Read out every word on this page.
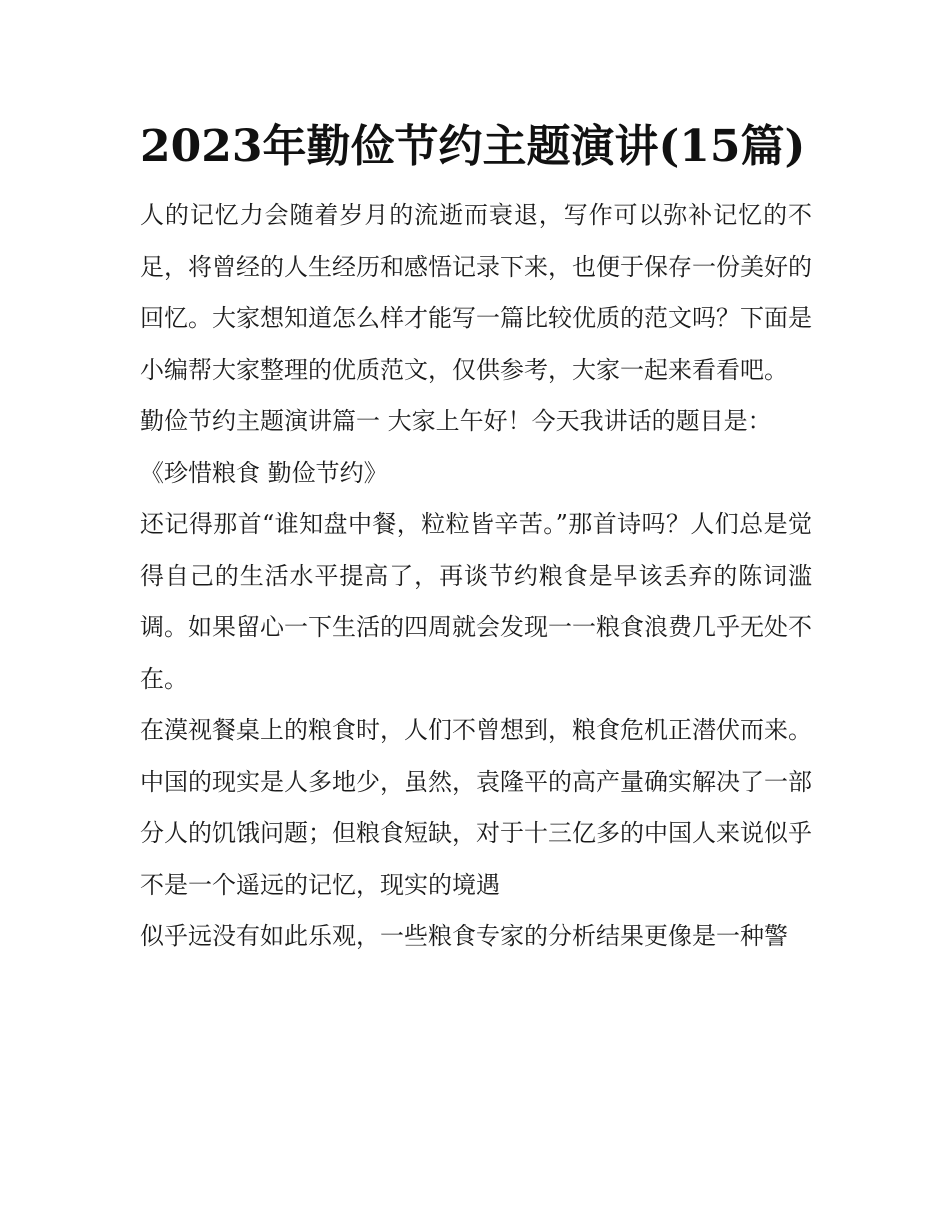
2023年勤俭节约主题演讲(15篇)

人的记忆力会随着岁月的流逝而衰退，写作可以弥补记忆的不足，将曾经的人生经历和感悟记录下来，也便于保存一份美好的回忆。大家想知道怎么样才能写一篇比较优质的范文吗？下面是小编帮大家整理的优质范文，仅供参考，大家一起来看看吧。

勤俭节约主题演讲篇一 大家上午好！今天我讲话的题目是：

《珍惜粮食 勤俭节约》

还记得那首“谁知盘中餐，粒粒皆辛苦。”那首诗吗？人们总是觉得自己的生活水平提高了，再谈节约粮食是早该丢弃的陈词滥调。如果留心一下生活的四周就会发现一一粮食浪费几乎无处不在。

在漠视餐桌上的粮食时，人们不曾想到，粮食危机正潜伏而来。中国的现实是人多地少，虽然，袁隆平的高产量确实解决了一部分人的饥饿问题；但粮食短缺，对于十三亿多的中国人来说似乎不是一个遥远的记忆，现实的境遇

似乎远没有如此乐观，一些粮食专家的分析结果更像是一种警
